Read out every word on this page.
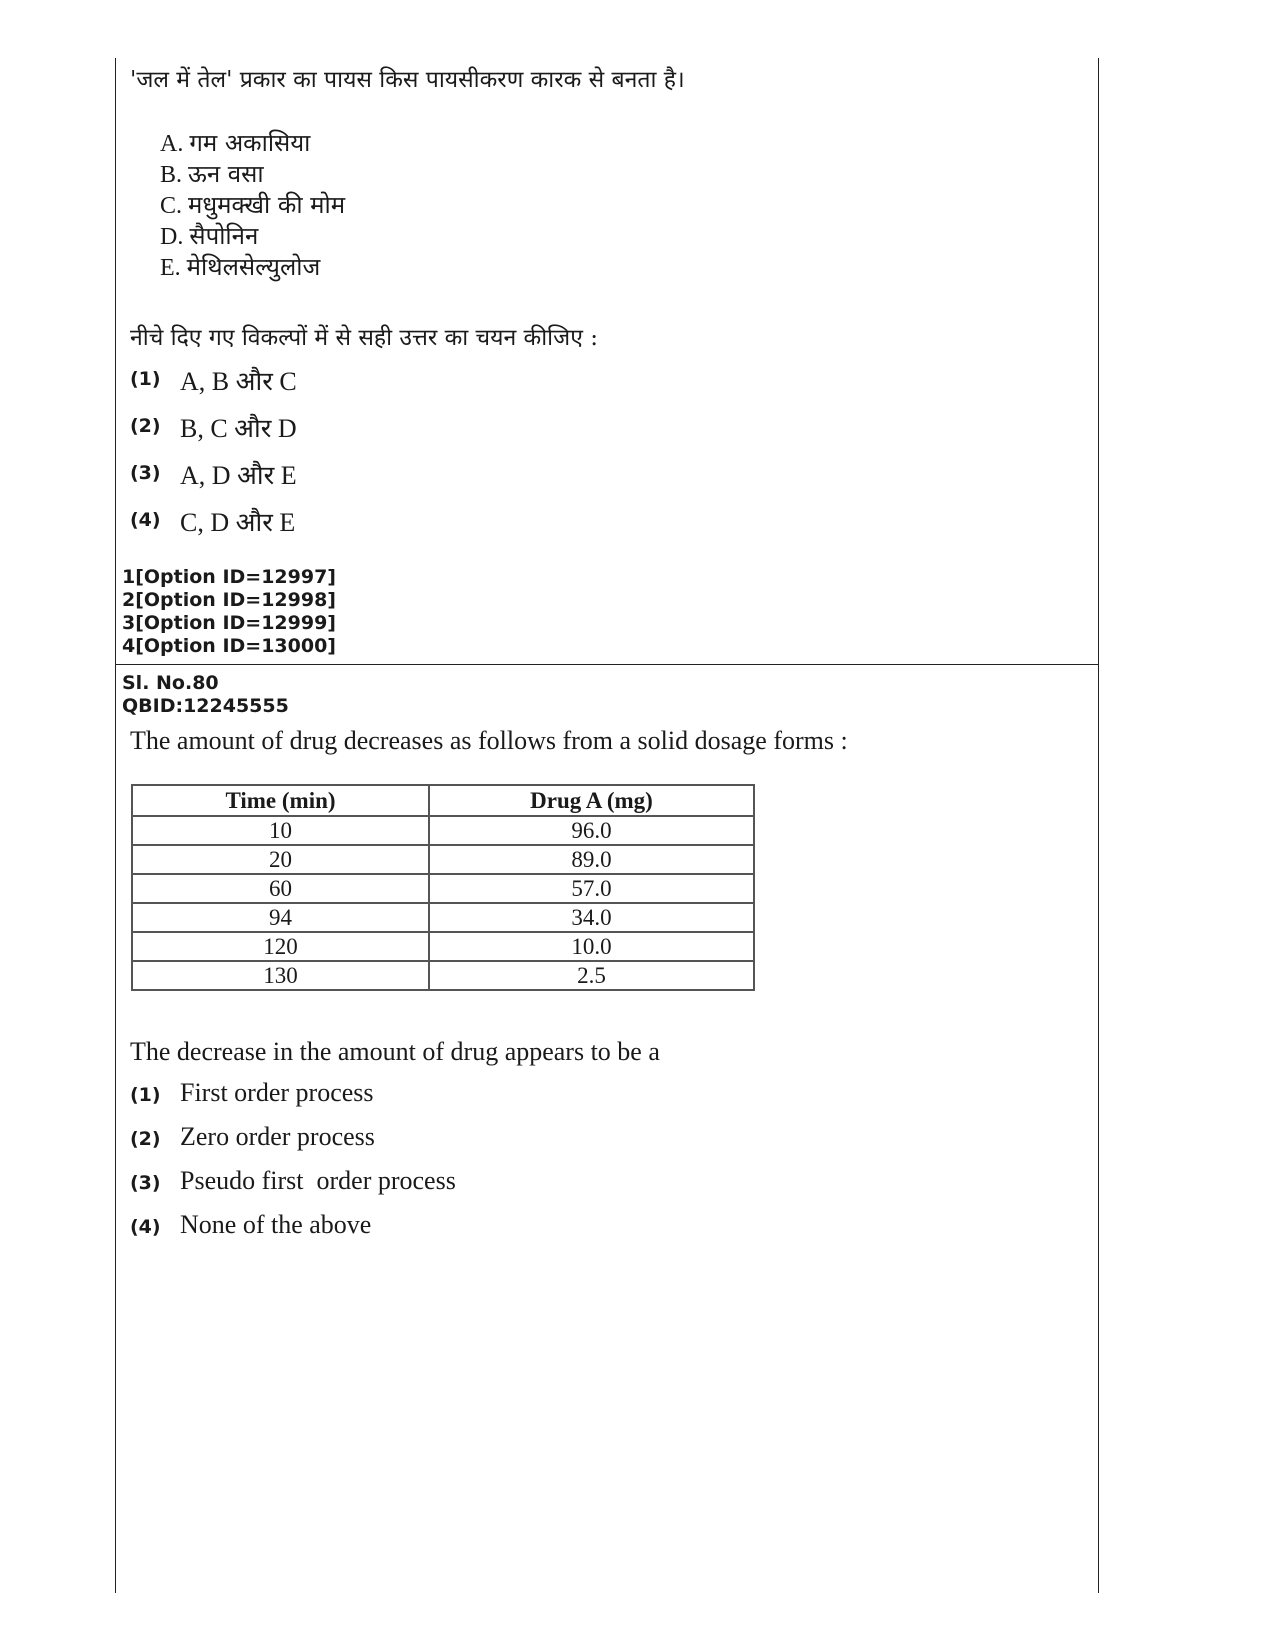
'जल में तेल' प्रकार का पायस किस पायसीकरण कारक से बनता है।
A. गम अकासिया
B. ऊन वसा
C. मधुमक्खी की मोम
D. सैपोनिन
E. मेथिलसेल्युलोज
नीचे दिए गए विकल्पों में से सही उत्तर का चयन कीजिए :
(1) A, B और C
(2) B, C और D
(3) A, D और E
(4) C, D और E
1[Option ID=12997]
2[Option ID=12998]
3[Option ID=12999]
4[Option ID=13000]
Sl. No.80
QBID:12245555
The amount of drug decreases as follows from a solid dosage forms :
Time (min)	Drug A (mg)
10	96.0
20	89.0
60	57.0
94	34.0
120	10.0
130	2.5
The decrease in the amount of drug appears to be a
(1) First order process
(2) Zero order process
(3) Pseudo first  order process
(4) None of the above
